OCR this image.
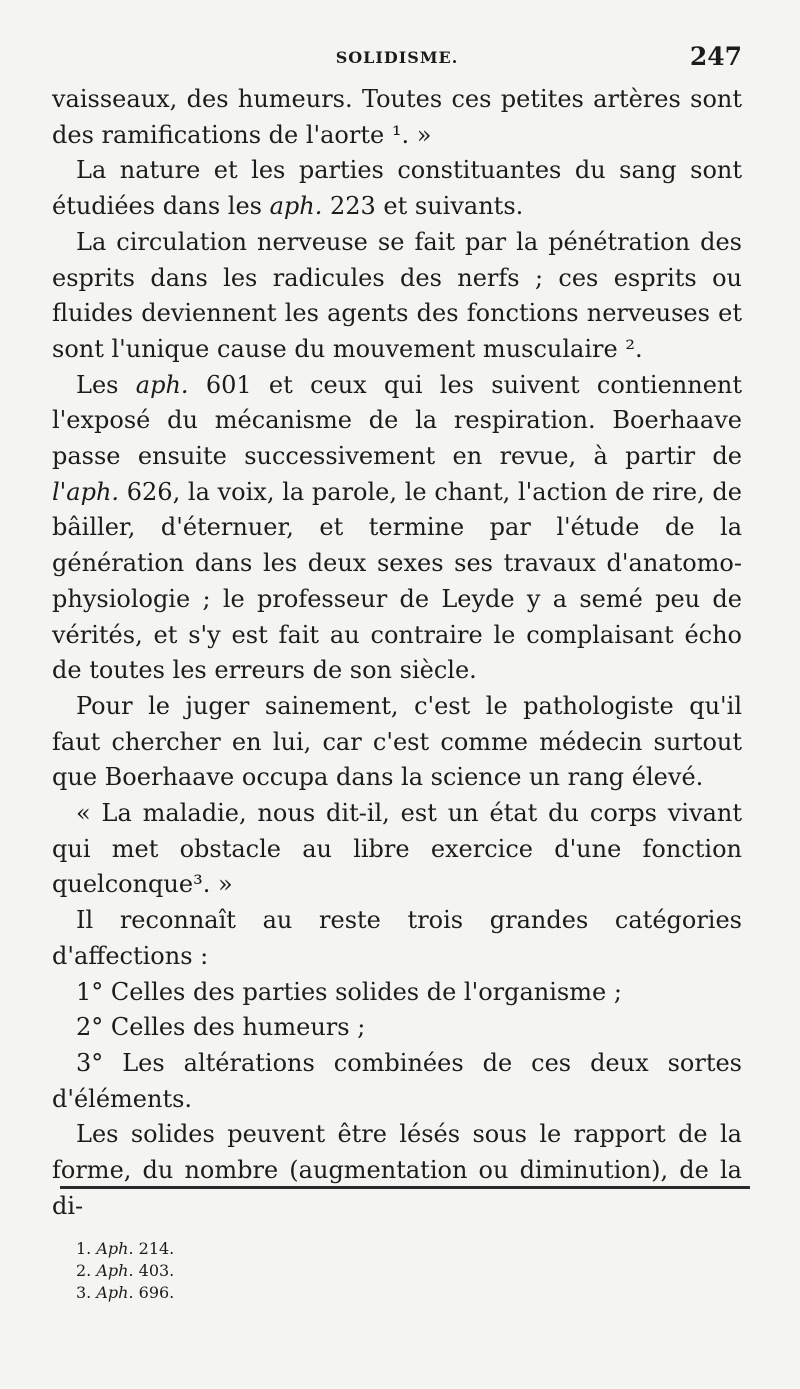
SOLIDISME.	247

vaisseaux, des humeurs. Toutes ces petites artères sont des ramifications de l'aorte ¹. »

La nature et les parties constituantes du sang sont étudiées dans les aph. 223 et suivants.

La circulation nerveuse se fait par la pénétration des esprits dans les radicules des nerfs ; ces esprits ou fluides deviennent les agents des fonctions nerveuses et sont l'unique cause du mouvement musculaire ².

Les aph. 601 et ceux qui les suivent contiennent l'exposé du mécanisme de la respiration. Boerhaave passe ensuite successivement en revue, à partir de l'aph. 626, la voix, la parole, le chant, l'action de rire, de bâiller, d'éternuer, et termine par l'étude de la génération dans les deux sexes ses travaux d'anatomo-physiologie ; le professeur de Leyde y a semé peu de vérités, et s'y est fait au contraire le complaisant écho de toutes les erreurs de son siècle.

Pour le juger sainement, c'est le pathologiste qu'il faut chercher en lui, car c'est comme médecin surtout que Boerhaave occupa dans la science un rang élevé.

« La maladie, nous dit-il, est un état du corps vivant qui met obstacle au libre exercice d'une fonction quelconque³. »

Il reconnaît au reste trois grandes catégories d'affections :

1° Celles des parties solides de l'organisme ;

2° Celles des humeurs ;

3° Les altérations combinées de ces deux sortes d'éléments.

Les solides peuvent être lésés sous le rapport de la forme, du nombre (augmentation ou diminution), de la di-

1. Aph. 214.
2. Aph. 403.
3. Aph. 696.
